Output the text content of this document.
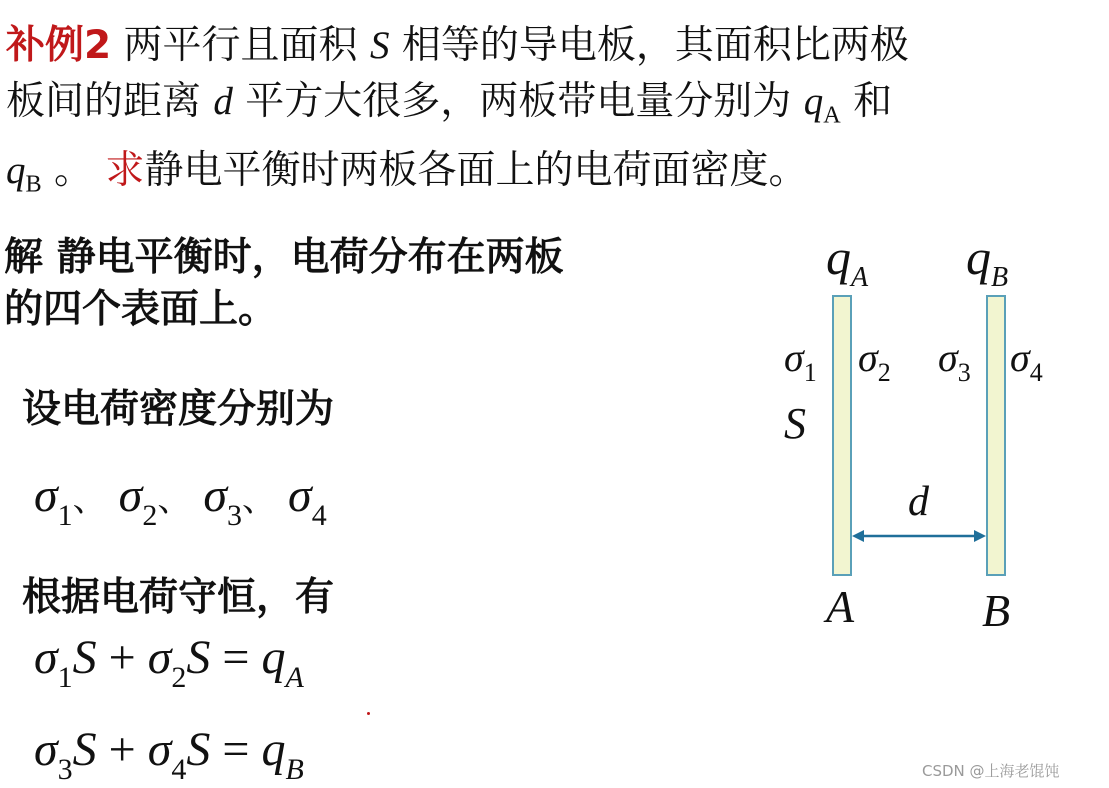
补例2 两平行且面积 S 相等的导电板，其面积比两极
板间的距离 d 平方大很多，两板带电量分别为 $q_A$ 和
$q_B$ 。 求静电平衡时两板各面上的电荷面密度。
解 静电平衡时，电荷分布在两板
的四个表面上。
设电荷密度分别为
$\sigma_1$、 $\sigma_2$、 $\sigma_3$、 $\sigma_4$
根据电荷守恒，有
$\sigma_1S + \sigma_2S = q_A$
$\sigma_3S + \sigma_4S = q_B$
$q_A$ $q_B$
$\sigma_1$ $\sigma_2$ $\sigma_3$ $\sigma_4$
S
d
A	B
CSDN @上海老馄饨
